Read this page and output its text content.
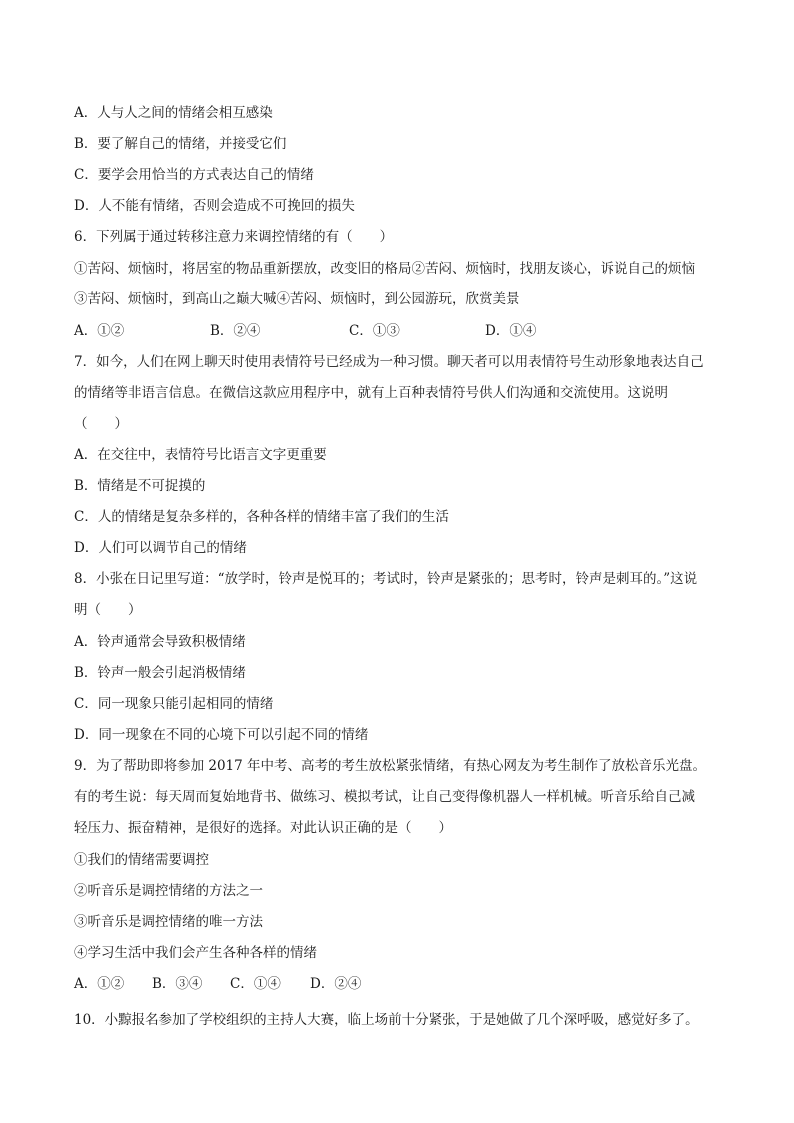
A．人与人之间的情绪会相互感染
B．要了解自己的情绪，并接受它们
C．要学会用恰当的方式表达自己的情绪
D．人不能有情绪，否则会造成不可挽回的损失
6．下列属于通过转移注意力来调控情绪的有（　　）
①苦闷、烦恼时，将居室的物品重新摆放，改变旧的格局②苦闷、烦恼时，找朋友谈心，诉说自己的烦恼
③苦闷、烦恼时，到高山之巅大喊④苦闷、烦恼时，到公园游玩，欣赏美景
A．①②	B．②④	C．①③	D．①④
7．如今，人们在网上聊天时使用表情符号已经成为一种习惯。聊天者可以用表情符号生动形象地表达自己
的情绪等非语言信息。在微信这款应用程序中，就有上百种表情符号供人们沟通和交流使用。这说明
（　　）
A．在交往中，表情符号比语言文字更重要
B．情绪是不可捉摸的
C．人的情绪是复杂多样的，各种各样的情绪丰富了我们的生活
D．人们可以调节自己的情绪
8．小张在日记里写道：“放学时，铃声是悦耳的；考试时，铃声是紧张的；思考时，铃声是刺耳的。”这说
明（　　）
A．铃声通常会导致积极情绪
B．铃声一般会引起消极情绪
C．同一现象只能引起相同的情绪
D．同一现象在不同的心境下可以引起不同的情绪
9．为了帮助即将参加 2017 年中考、高考的考生放松紧张情绪，有热心网友为考生制作了放松音乐光盘。
有的考生说：每天周而复始地背书、做练习、模拟考试，让自己变得像机器人一样机械。听音乐给自己减
轻压力、振奋精神，是很好的选择。对此认识正确的是（　　）
①我们的情绪需要调控
②听音乐是调控情绪的方法之一
③听音乐是调控情绪的唯一方法
④学习生活中我们会产生各种各样的情绪
A．①② B．③④ C．①④ D．②④
10．小黥报名参加了学校组织的主持人大赛，临上场前十分紧张，于是她做了几个深呼吸，感觉好多了。
